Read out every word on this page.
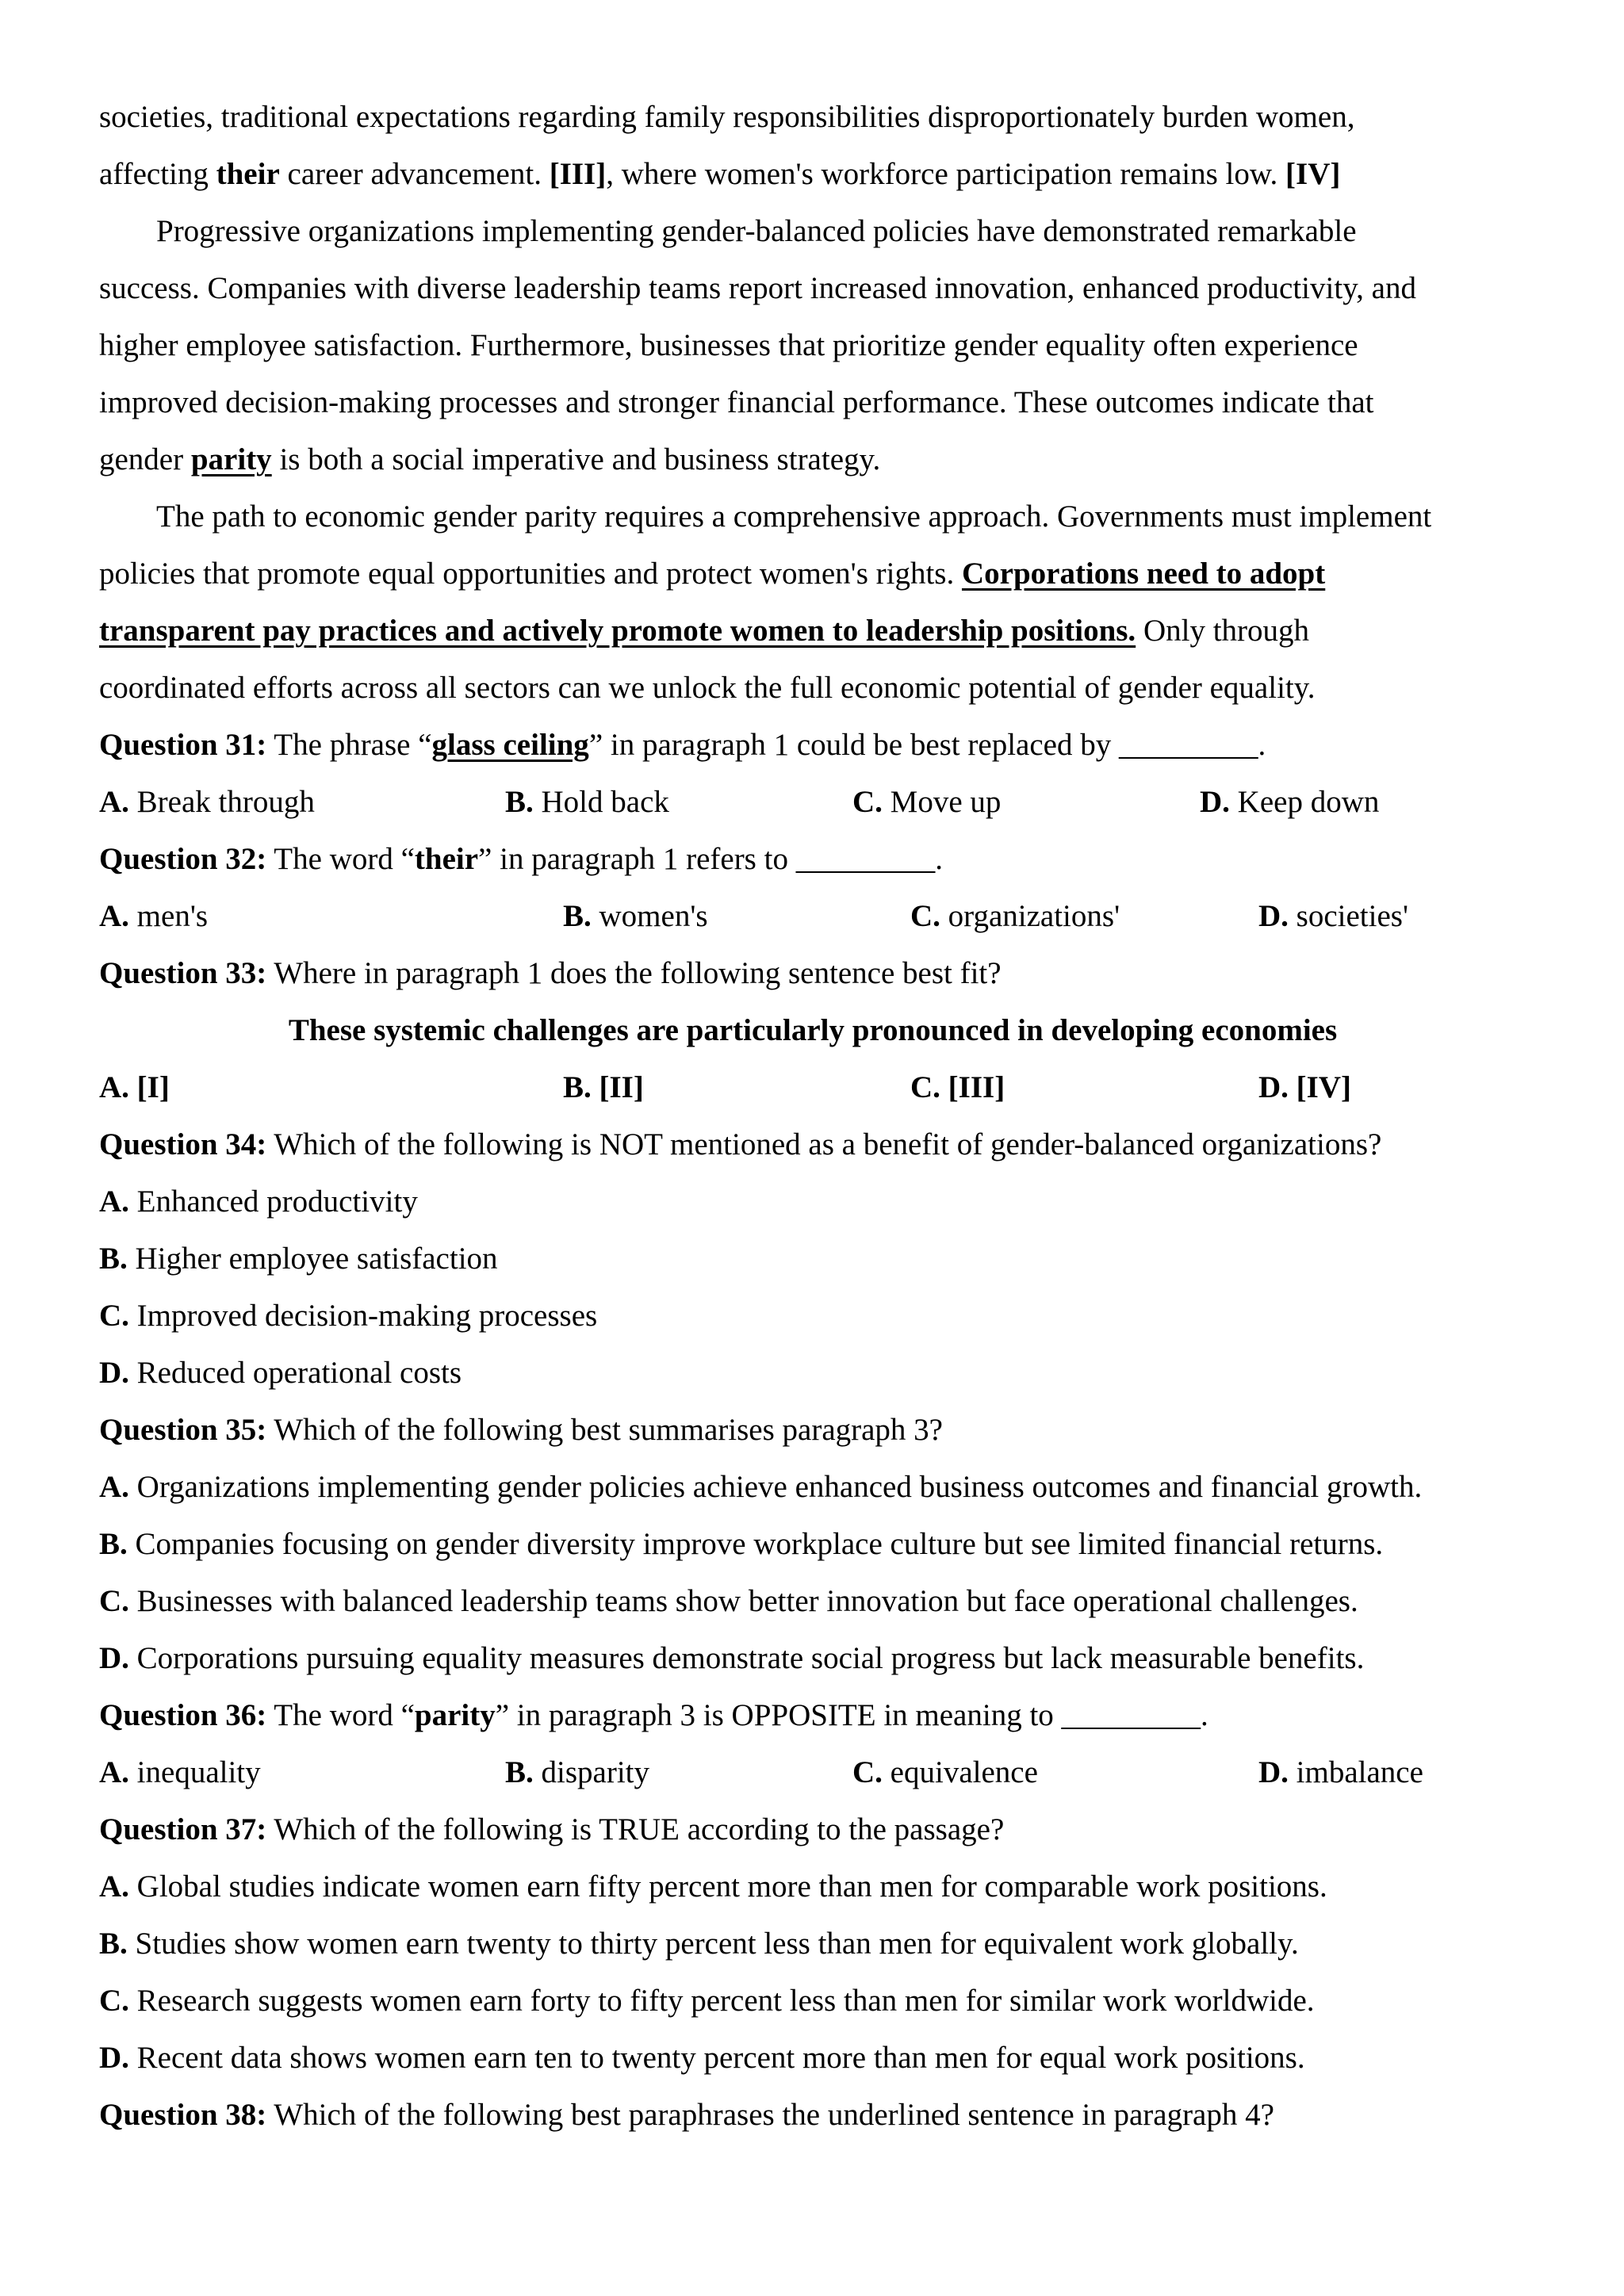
societies, traditional expectations regarding family responsibilities disproportionately burden women,
affecting their career advancement. [III], where women's workforce participation remains low. [IV]
Progressive organizations implementing gender-balanced policies have demonstrated remarkable
success. Companies with diverse leadership teams report increased innovation, enhanced productivity, and
higher employee satisfaction. Furthermore, businesses that prioritize gender equality often experience
improved decision-making processes and stronger financial performance. These outcomes indicate that
gender parity is both a social imperative and business strategy.
The path to economic gender parity requires a comprehensive approach. Governments must implement
policies that promote equal opportunities and protect women's rights. Corporations need to adopt
transparent pay practices and actively promote women to leadership positions. Only through
coordinated efforts across all sectors can we unlock the full economic potential of gender equality.
Question 31: The phrase “glass ceiling” in paragraph 1 could be best replaced by _________.
A. Break through	B. Hold back	C. Move up	D. Keep down
Question 32: The word “their” in paragraph 1 refers to _________.
A. men's	B. women's	C. organizations'	D. societies'
Question 33: Where in paragraph 1 does the following sentence best fit?
These systemic challenges are particularly pronounced in developing economies
A. [I]	B. [II]	C. [III]	D. [IV]
Question 34: Which of the following is NOT mentioned as a benefit of gender-balanced organizations?
A. Enhanced productivity
B. Higher employee satisfaction
C. Improved decision-making processes
D. Reduced operational costs
Question 35: Which of the following best summarises paragraph 3?
A. Organizations implementing gender policies achieve enhanced business outcomes and financial growth.
B. Companies focusing on gender diversity improve workplace culture but see limited financial returns.
C. Businesses with balanced leadership teams show better innovation but face operational challenges.
D. Corporations pursuing equality measures demonstrate social progress but lack measurable benefits.
Question 36: The word “parity” in paragraph 3 is OPPOSITE in meaning to _________.
A. inequality	B. disparity	C. equivalence	D. imbalance
Question 37: Which of the following is TRUE according to the passage?
A. Global studies indicate women earn fifty percent more than men for comparable work positions.
B. Studies show women earn twenty to thirty percent less than men for equivalent work globally.
C. Research suggests women earn forty to fifty percent less than men for similar work worldwide.
D. Recent data shows women earn ten to twenty percent more than men for equal work positions.
Question 38: Which of the following best paraphrases the underlined sentence in paragraph 4?
